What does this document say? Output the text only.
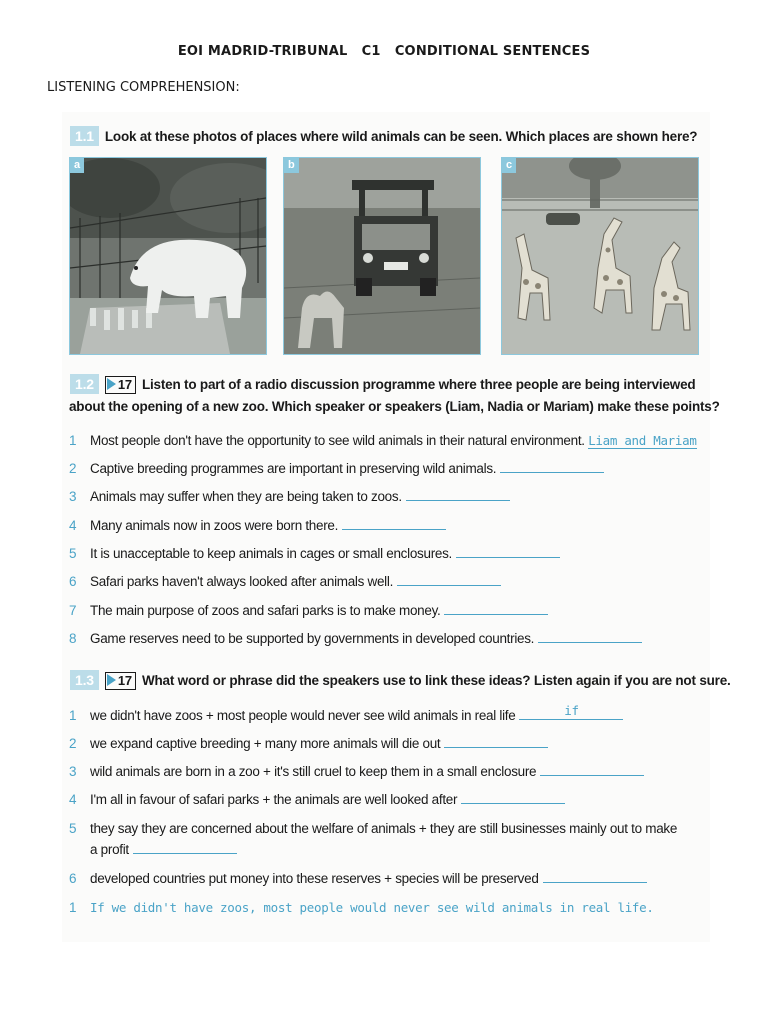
EOI MADRID-TRIBUNAL   C1   CONDITIONAL SENTENCES
LISTENING COMPREHENSION:
1.1 Look at these photos of places where wild animals can be seen. Which places are shown here?
a	b	c
1.2 17 Listen to part of a radio discussion programme where three people are being interviewed
about the opening of a new zoo. Which speaker or speakers (Liam, Nadia or Mariam) make these points?
1 Most people don't have the opportunity to see wild animals in their natural environment. Liam and Mariam
2 Captive breeding programmes are important in preserving wild animals.
3 Animals may suffer when they are being taken to zoos.
4 Many animals now in zoos were born there.
5 It is unacceptable to keep animals in cages or small enclosures.
6 Safari parks haven't always looked after animals well.
7 The main purpose of zoos and safari parks is to make money.
8 Game reserves need to be supported by governments in developed countries.
1.3 17 What word or phrase did the speakers use to link these ideas? Listen again if you are not sure.
1 we didn't have zoos + most people would never see wild animals in real life	if
2 we expand captive breeding + many more animals will die out
3 wild animals are born in a zoo + it's still cruel to keep them in a small enclosure
4 I'm all in favour of safari parks + the animals are well looked after
5 they say they are concerned about the welfare of animals + they are still businesses mainly out to make
a profit
6 developed countries put money into these reserves + species will be preserved
1 If we didn't have zoos, most people would never see wild animals in real life.
